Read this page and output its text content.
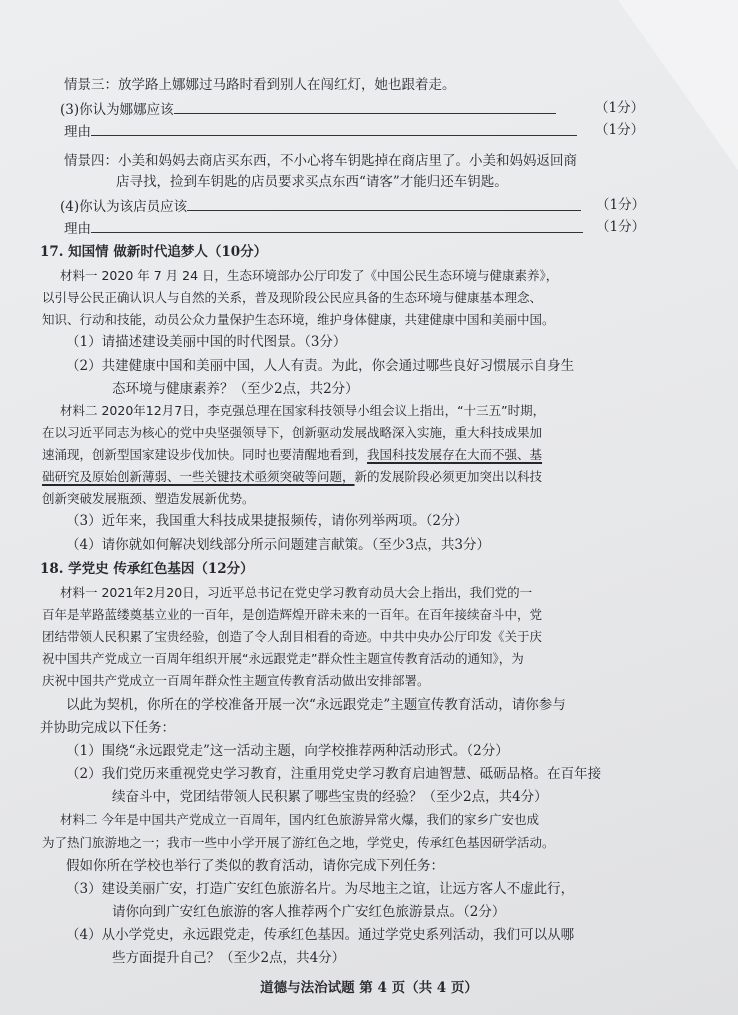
情景三：放学路上娜娜过马路时看到别人在闯红灯，她也跟着走。
(3)你认为娜娜应该	（1分）
理由	（1分）
情景四：小美和妈妈去商店买东西，不小心将车钥匙掉在商店里了。小美和妈妈返回商
店寻找，捡到车钥匙的店员要求买点东西“请客”才能归还车钥匙。
(4)你认为该店员应该	（1分）
理由	（1分）
17. 知国情 做新时代追梦人（10分）
材料一 2020 年 7 月 24 日，生态环境部办公厅印发了《中国公民生态环境与健康素养》，
以引导公民正确认识人与自然的关系，普及现阶段公民应具备的生态环境与健康基本理念、
知识、行动和技能，动员公众力量保护生态环境，维护身体健康，共建健康中国和美丽中国。
（1）请描述建设美丽中国的时代图景。（3分）
（2）共建健康中国和美丽中国，人人有责。为此，你会通过哪些良好习惯展示自身生
态环境与健康素养？（至少2点，共2分）
材料二 2020年12月7日，李克强总理在国家科技领导小组会议上指出，“十三五”时期，
在以习近平同志为核心的党中央坚强领导下，创新驱动发展战略深入实施，重大科技成果加
速涌现，创新型国家建设步伐加快。同时也要清醒地看到，我国科技发展存在大而不强、基
础研究及原始创新薄弱、一些关键技术亟须突破等问题，新的发展阶段必须更加突出以科技
创新突破发展瓶颈、塑造发展新优势。
（3）近年来，我国重大科技成果捷报频传，请你列举两项。（2分）
（4）请你就如何解决划线部分所示问题建言献策。（至少3点，共3分）
18. 学党史 传承红色基因（12分）
材料一 2021年2月20日，习近平总书记在党史学习教育动员大会上指出，我们党的一
百年是苹路蓝缕奠基立业的一百年，是创造辉煌开辟未来的一百年。在百年接续奋斗中，党
团结带领人民积累了宝贵经验，创造了令人刮目相看的奇迹。中共中央办公厅印发《关于庆
祝中国共产党成立一百周年组织开展“永远跟党走”群众性主题宣传教育活动的通知》，为
庆祝中国共产党成立一百周年群众性主题宣传教育活动做出安排部署。
以此为契机，你所在的学校准备开展一次“永远跟党走”主题宣传教育活动，请你参与
并协助完成以下任务：
（1）围绕“永远跟党走”这一活动主题，向学校推荐两种活动形式。（2分）
（2）我们党历来重视党史学习教育，注重用党史学习教育启迪智慧、砥砺品格。在百年接
续奋斗中，党团结带领人民积累了哪些宝贵的经验？（至少2点，共4分）
材料二 今年是中国共产党成立一百周年，国内红色旅游异常火爆，我们的家乡广安也成
为了热门旅游地之一；我市一些中小学开展了游红色之地，学党史，传承红色基因研学活动。
假如你所在学校也举行了类似的教育活动，请你完成下列任务：
（3）建设美丽广安，打造广安红色旅游名片。为尽地主之谊，让远方客人不虚此行，
请你向到广安红色旅游的客人推荐两个广安红色旅游景点。（2分）
（4）从小学党史，永远跟党走，传承红色基因。通过学党史系列活动，我们可以从哪
些方面提升自己？（至少2点，共4分）
道德与法治试题 第 4 页（共 4 页）
